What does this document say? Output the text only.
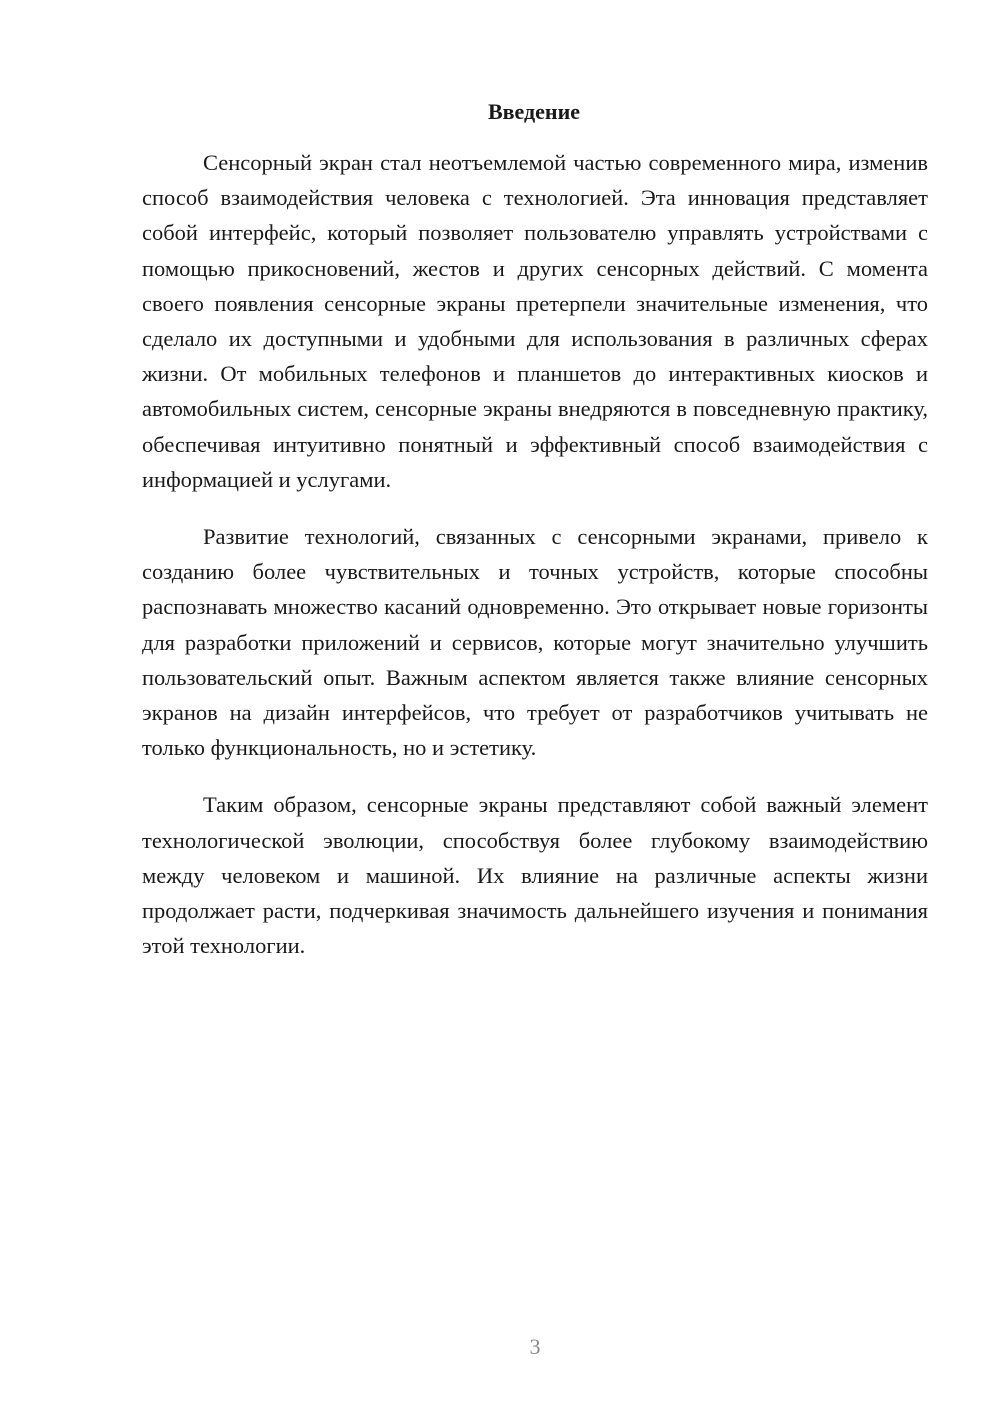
Введение

Сенсорный экран стал неотъемлемой частью современного мира, изменив способ взаимодействия человека с технологией. Эта инновация представляет собой интерфейс, который позволяет пользователю управлять устройствами с помощью прикосновений, жестов и других сенсорных действий. С момента своего появления сенсорные экраны претерпели значительные изменения, что сделало их доступными и удобными для использования в различных сферах жизни. От мобильных телефонов и планшетов до интерактивных киосков и автомобильных систем, сенсорные экраны внедряются в повседневную практику, обеспечивая интуитивно понятный и эффективный способ взаимодействия с информацией и услугами.

Развитие технологий, связанных с сенсорными экранами, привело к созданию более чувствительных и точных устройств, которые способны распознавать множество касаний одновременно. Это открывает новые горизонты для разработки приложений и сервисов, которые могут значительно улучшить пользовательский опыт. Важным аспектом является также влияние сенсорных экранов на дизайн интерфейсов, что требует от разработчиков учитывать не только функциональность, но и эстетику.

Таким образом, сенсорные экраны представляют собой важный элемент технологической эволюции, способствуя более глубокому взаимодействию между человеком и машиной. Их влияние на различные аспекты жизни продолжает расти, подчеркивая значимость дальнейшего изучения и понимания этой технологии.

3
